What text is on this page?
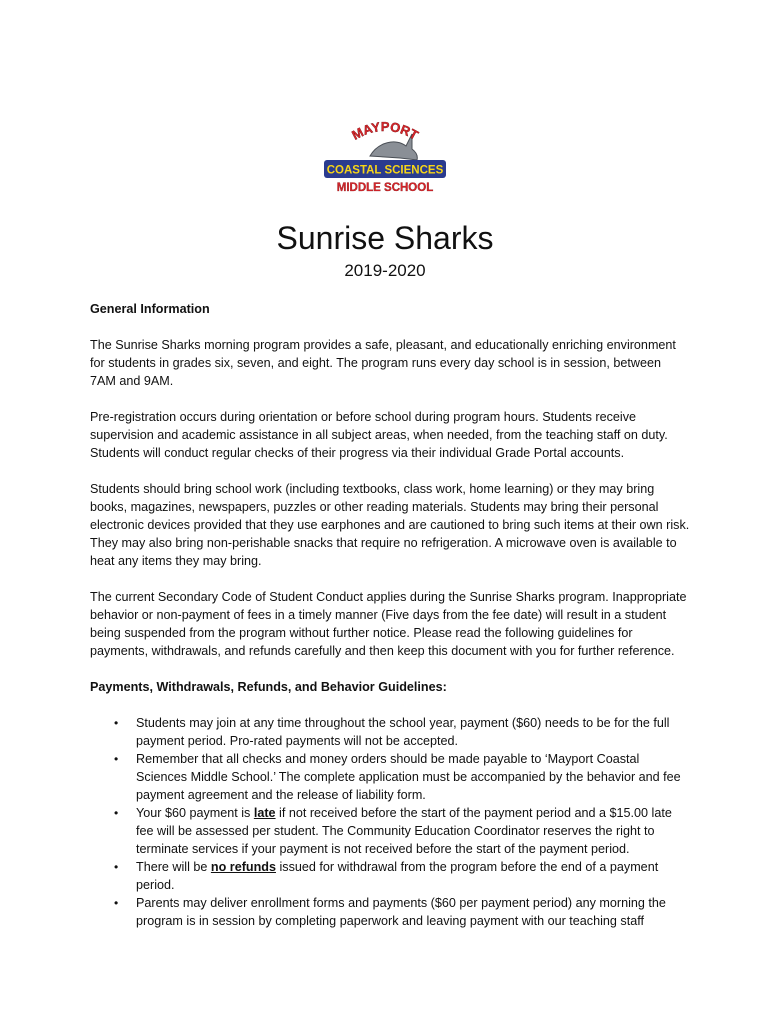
MAYPORT
COASTAL SCIENCES
MIDDLE SCHOOL
Sunrise Sharks
2019-2020

General Information

The Sunrise Sharks morning program provides a safe, pleasant, and educationally enriching environment for students in grades six, seven, and eight. The program runs every day school is in session, between 7AM and 9AM.

Pre-registration occurs during orientation or before school during program hours. Students receive supervision and academic assistance in all subject areas, when needed, from the teaching staff on duty. Students will conduct regular checks of their progress via their individual Grade Portal accounts.

Students should bring school work (including textbooks, class work, home learning) or they may bring books, magazines, newspapers, puzzles or other reading materials. Students may bring their personal electronic devices provided that they use earphones and are cautioned to bring such items at their own risk. They may also bring non-perishable snacks that require no refrigeration. A microwave oven is available to heat any items they may bring.

The current Secondary Code of Student Conduct applies during the Sunrise Sharks program. Inappropriate behavior or non-payment of fees in a timely manner (Five days from the fee date) will result in a student being suspended from the program without further notice. Please read the following guidelines for payments, withdrawals, and refunds carefully and then keep this document with you for further reference.

Payments, Withdrawals, Refunds, and Behavior Guidelines:

• Students may join at any time throughout the school year, payment ($60) needs to be for the full payment period. Pro-rated payments will not be accepted.
• Remember that all checks and money orders should be made payable to ‘Mayport Coastal Sciences Middle School.’ The complete application must be accompanied by the behavior and fee payment agreement and the release of liability form.
• Your $60 payment is late if not received before the start of the payment period and a $15.00 late fee will be assessed per student. The Community Education Coordinator reserves the right to terminate services if your payment is not received before the start of the payment period.
• There will be no refunds issued for withdrawal from the program before the end of a payment period.
• Parents may deliver enrollment forms and payments ($60 per payment period) any morning the program is in session by completing paperwork and leaving payment with our teaching staff
